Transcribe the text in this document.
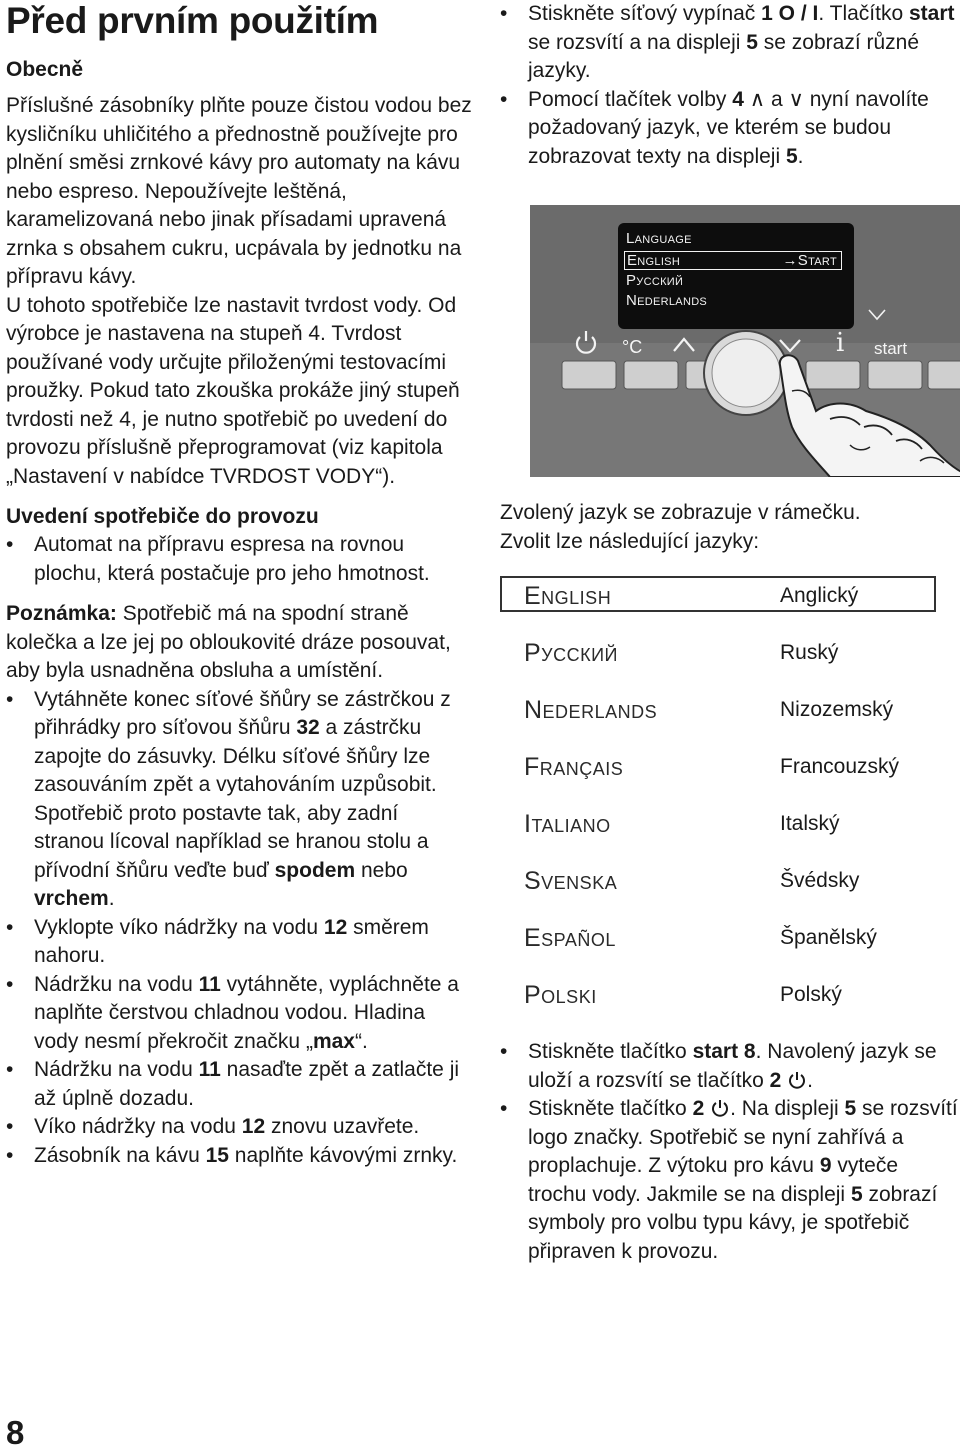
Před prvním použitím
Obecně

Příslušné zásobníky plňte pouze čistou vodou bez kysličníku uhličitého a přednostně používejte pro plnění směsi zrnkové kávy pro automaty na kávu nebo espreso. Nepoužívejte leštěná, karamelizovaná nebo jinak přísadami upravená zrnka s obsahem cukru, ucpávala by jednotku na přípravu kávy.

U tohoto spotřebiče lze nastavit tvrdost vody. Od výrobce je nastavena na stupeň 4. Tvrdost používané vody určujte přiloženými testovacími proužky. Pokud tato zkouška prokáže jiný stupeň tvrdosti než 4, je nutno spotřebič po uvedení do provozu příslušně přeprogramovat (viz kapitola „Nastavení v nabídce TVRDOST VODY“).

Uvedení spotřebiče do provozu
• Automat na přípravu espresa na rovnou plochu, která postačuje pro jeho hmotnost.

Poznámka: Spotřebič má na spodní straně kolečka a lze jej po obloukovité dráze posouvat, aby byla usnadněna obsluha a umístění.

• Vytáhněte konec síťové šňůry se zástrčkou z přihrádky pro síťovou šňůru 32 a zástrčku zapojte do zásuvky. Délku síťové šňůry lze zasouváním zpět a vytahováním uzpůsobit. Spotřebič proto postavte tak, aby zadní stranou lícoval například se hranou stolu a přívodní šňůru veďte buď spodem nebo vrchem.
• Vyklopte víko nádržky na vodu 12 směrem nahoru.
• Nádržku na vodu 11 vytáhněte, vypláchněte a naplňte čerstvou chladnou vodou. Hladina vody nesmí překročit značku „max“.
• Nádržku na vodu 11 nasaďte zpět a zatlačte ji až úplně dozadu.
• Víko nádržky na vodu 12 znovu uzavřete.
• Zásobník na kávu 15 naplňte kávovými zrnky.
8
• Stiskněte síťový vypínač 1 O / I. Tlačítko start se rozsvítí a na displeji 5 se zobrazí různé jazyky.
• Pomocí tlačítek volby 4 ∧ a ∨ nyní navolíte požadovaný jazyk, ve kterém se budou zobrazovat texty na displeji 5.
Language
English	→Start
Русский
Nederlands
°C	i start

Zvolený jazyk se zobrazuje v rámečku.

Zvolit lze následující jazyky:

English	Anglický
Русский	Ruský
Nederlands	Nizozemský
Français	Francouzský
Italiano	Italský
Svenska	Švédsky
Español	Španělský
Polski	Polský
• Stiskněte tlačítko start 8. Navolený jazyk se uloží a rozsvítí se tlačítko 2 .
• Stiskněte tlačítko 2 . Na displeji 5 se rozsvítí logo značky. Spotřebič se nyní zahřívá a proplachuje. Z výtoku pro kávu 9 vyteče trochu vody. Jakmile se na displeji 5 zobrazí symboly pro volbu typu kávy, je spotřebič připraven k provozu.
